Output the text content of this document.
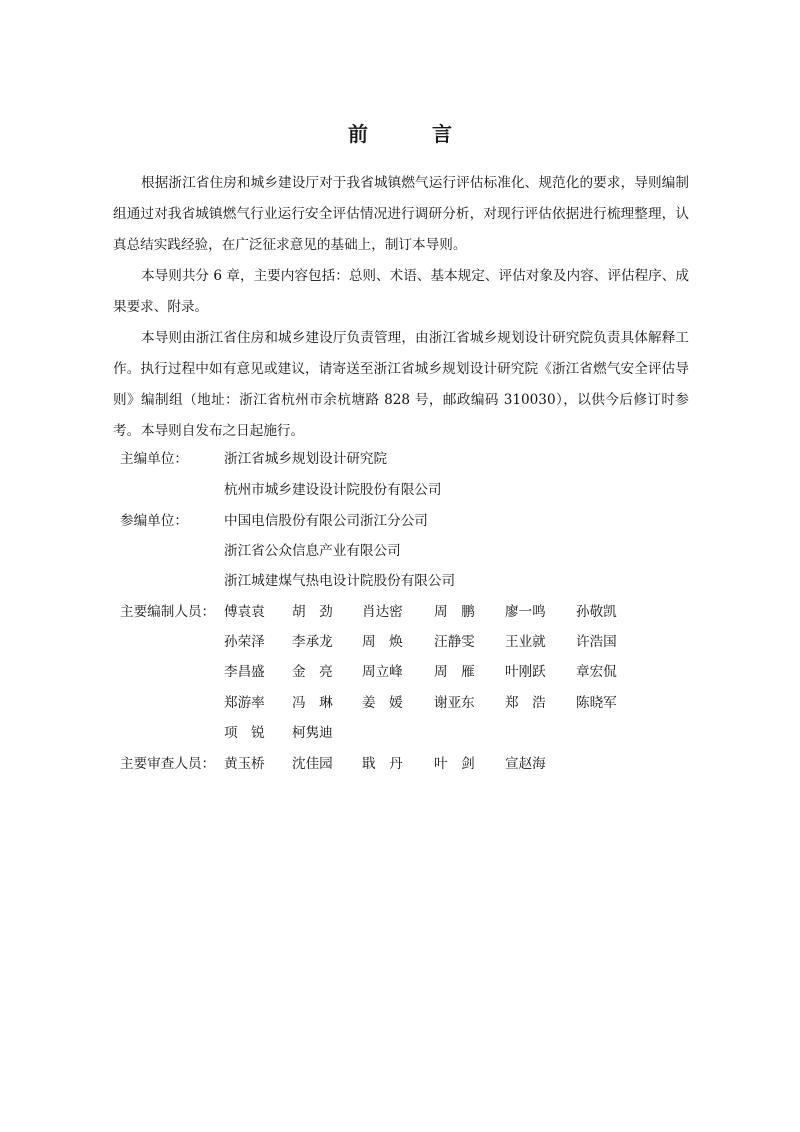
前　言
根据浙江省住房和城乡建设厅对于我省城镇燃气运行评估标准化、规范化的要求，导则编制组通过对我省城镇燃气行业运行安全评估情况进行调研分析，对现行评估依据进行梳理整理，认真总结实践经验，在广泛征求意见的基础上，制订本导则。
本导则共分 6 章，主要内容包括：总则、术语、基本规定、评估对象及内容、评估程序、成果要求、附录。
本导则由浙江省住房和城乡建设厅负责管理，由浙江省城乡规划设计研究院负责具体解释工作。执行过程中如有意见或建议，请寄送至浙江省城乡规划设计研究院《浙江省燃气安全评估导则》编制组（地址：浙江省杭州市余杭塘路 828 号，邮政编码 310030），以供今后修订时参考。 本导则自发布之日起施行。
主编单位：	浙江省城乡规划设计研究院
杭州市城乡建设设计院股份有限公司
参编单位：	中国电信股份有限公司浙江分公司
浙江省公众信息产业有限公司
浙江城建煤气热电设计院股份有限公司
主要编制人员： 傅袁袁	胡　劲	肖达密	周　鹏	廖一鸣	孙敬凯
孙荣泽	李承龙	周　焕	汪静雯	王业就	许浩国
李昌盛	金　亮	周立峰	周　雁	叶刚跃	章宏侃
郑游率	冯　琳	姜　媛	谢亚东	郑　浩	陈晓军
项　锐	柯隽迪
主要审查人员： 黄玉桥	沈佳园	戢　丹	叶　剑	宣赵海
